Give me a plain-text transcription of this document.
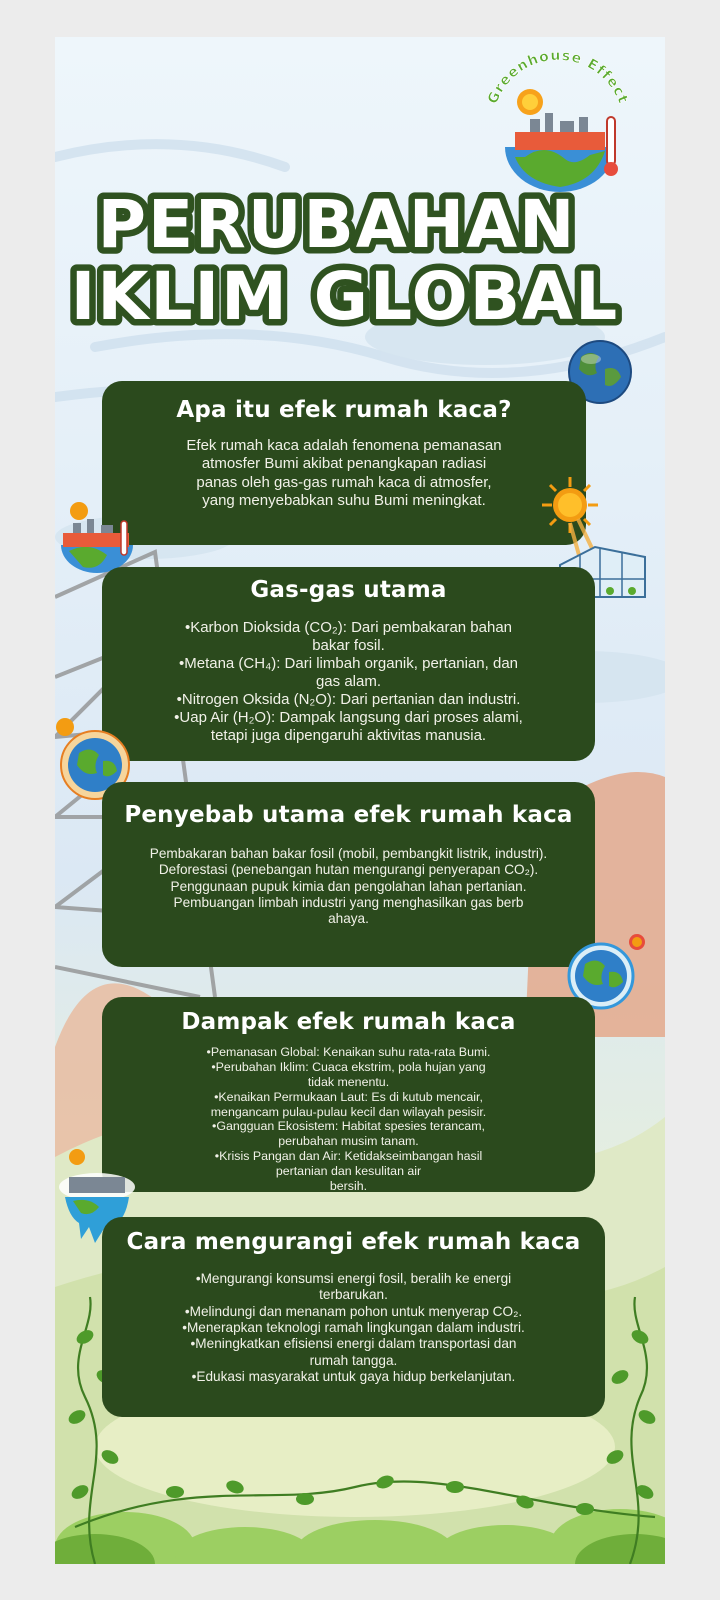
Greenhouse Effect
PERUBAHAN
IKLIM GLOBAL
Apa itu efek rumah kaca?
Efek rumah kaca adalah fenomena pemanasan
atmosfer Bumi akibat penangkapan radiasi
panas oleh gas-gas rumah kaca di atmosfer,
yang menyebabkan suhu Bumi meningkat.
Gas-gas utama
•Karbon Dioksida (CO₂): Dari pembakaran bahan
bakar fosil.
•Metana (CH₄): Dari limbah organik, pertanian, dan
gas alam.
•Nitrogen Oksida (N₂O): Dari pertanian dan industri.
•Uap Air (H₂O): Dampak langsung dari proses alami,
tetapi juga dipengaruhi aktivitas manusia.
Penyebab utama efek rumah kaca
Pembakaran bahan bakar fosil (mobil, pembangkit listrik, industri).
Deforestasi (penebangan hutan mengurangi penyerapan CO₂).
Penggunaan pupuk kimia dan pengolahan lahan pertanian.
Pembuangan limbah industri yang menghasilkan gas berb
ahaya.
Dampak efek rumah kaca
•Pemanasan Global: Kenaikan suhu rata-rata Bumi.
•Perubahan Iklim: Cuaca ekstrim, pola hujan yang
tidak menentu.
•Kenaikan Permukaan Laut: Es di kutub mencair,
mengancam pulau-pulau kecil dan wilayah pesisir.
•Gangguan Ekosistem: Habitat spesies terancam,
perubahan musim tanam.
•Krisis Pangan dan Air: Ketidakseimbangan hasil
pertanian dan kesulitan air
bersih.
Cara mengurangi efek rumah kaca
•Mengurangi konsumsi energi fosil, beralih ke energi
terbarukan.
•Melindungi dan menanam pohon untuk menyerap CO₂.
•Menerapkan teknologi ramah lingkungan dalam industri.
•Meningkatkan efisiensi energi dalam transportasi dan
rumah tangga.
•Edukasi masyarakat untuk gaya hidup berkelanjutan.
